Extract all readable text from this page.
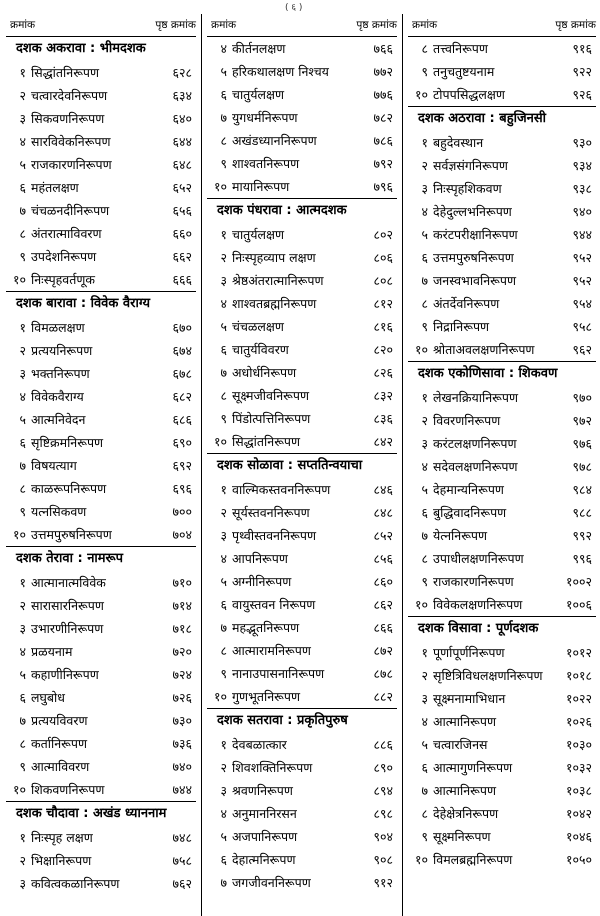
( ६ )
क्रमांक	पृष्ठ क्रमांक
दशक अकरावा : भीमदशक
१ सिद्धांतनिरूपण	६२८
२ चत्वारदेवनिरूपण	६३४
३ सिकवणनिरूपण	६४०
४ सारविवेकनिरूपण	६४४
५ राजकारणनिरूपण	६४८
६ महंतलक्षण	६५२
७ चंचळनदीनिरूपण	६५६
८ अंतरात्माविवरण	६६०
९ उपदेशनिरूपण	६६२
१० निःस्पृहवर्तणूक	६६६
दशक बारावा : विवेक वैराग्य
१ विमळलक्षण	६७०
२ प्रत्ययनिरूपण	६७४
३ भक्तनिरूपण	६७८
४ विवेकवैराग्य	६८२
५ आत्मनिवेदन	६८६
६ सृष्टिक्रमनिरूपण	६९०
७ विषयत्याग	६९२
८ काळरूपनिरूपण	६९६
९ यत्नसिकवण	७००
१० उत्तमपुरुषनिरूपण	७०४
दशक तेरावा : नामरूप
१ आत्मानात्मविवेक	७१०
२ सारासारनिरूपण	७१४
३ उभारणीनिरूपण	७१८
४ प्रळयनाम	७२०
५ कहाणीनिरूपण	७२४
६ लघुबोध	७२६
७ प्रत्ययविवरण	७३०
८ कर्तानिरूपण	७३६
९ आत्माविवरण	७४०
१० शिकवणनिरूपण	७४४
दशक चौदावा : अखंड ध्याननाम
१ निःस्पृह लक्षण	७४८
२ भिक्षानिरूपण	७५८
३ कवित्वकळानिरूपण	७६२
क्रमांक	पृष्ठ क्रमांक
४ कीर्तनलक्षण	७६६
५ हरिकथालक्षण निश्चय	७७२
६ चातुर्यलक्षण	७७६
७ युगधर्मनिरूपण	७८२
८ अखंडध्याननिरूपण	७८६
९ शाश्वतनिरूपण	७९२
१० मायानिरूपण	७९६
दशक पंधरावा : आत्मदशक
१ चातुर्यलक्षण	८०२
२ निःस्पृहव्याप लक्षण	८०६
३ श्रेष्ठअंतरात्मानिरूपण	८०८
४ शाश्वतब्रह्मनिरूपण	८१२
५ चंचळलक्षण	८१६
६ चातुर्यविवरण	८२०
७ अधोर्धनिरूपण	८२६
८ सूक्ष्मजीवनिरूपण	८३२
९ पिंडोत्पत्तिनिरूपण	८३६
१० सिद्धांतनिरूपण	८४२
दशक सोळावा : सप्ततिन्वयाचा
१ वाल्मिकस्तवननिरूपण	८४६
२ सूर्यस्तवननिरूपण	८४८
३ पृथ्वीस्तवननिरूपण	८५२
४ आपनिरूपण	८५६
५ अग्नीनिरूपण	८६०
६ वायुस्तवन निरूपण	८६२
७ महद्भूतनिरूपण	८६६
८ आत्मारामनिरूपण	८७२
९ नानाउपासनानिरूपण	८७८
१० गुणभूतनिरूपण	८८२
दशक सतरावा : प्रकृतिपुरुष
१ देवबळात्कार	८८६
२ शिवशक्तिनिरूपण	८९०
३ श्रवणनिरूपण	८९४
४ अनुमाननिरसन	८९८
५ अजपानिरूपण	९०४
६ देहात्मनिरूपण	९०८
७ जगजीवननिरूपण	९१२
क्रमांक	पृष्ठ क्रमांक
८ तत्त्वनिरूपण	९१६
९ तनुचतुष्टयनाम	९२२
१० टोपपसिद्धलक्षण	९२६
दशक अठरावा : बहुजिनसी
१ बहुदेवस्थान	९३०
२ सर्वज्ञसंगनिरूपण	९३४
३ निःस्पृहशिकवण	९३८
४ देहेदुल्लभनिरूपण	९४०
५ करंटपरीक्षानिरूपण	९४४
६ उत्तमपुरुषनिरूपण	९५२
७ जनस्वभावनिरूपण	९५२
८ अंतर्देवनिरूपण	९५४
९ निद्रानिरूपण	९५८
१० श्रोताअवलक्षणनिरूपण	९६२
दशक एकोणिसावा : शिकवण
१ लेखनक्रियानिरूपण	९७०
२ विवरणनिरूपण	९७२
३ करंटलक्षणनिरूपण	९७६
४ सदेवलक्षणनिरूपण	९७८
५ देहमान्यनिरूपण	९८४
६ बुद्धिवादनिरूपण	९८८
७ येत्ननिरूपण	९९२
८ उपाधीलक्षणनिरूपण	९९६
९ राजकारणनिरूपण	१००२
१० विवेकलक्षणनिरूपण	१००६
दशक विसावा : पूर्णदशक
१ पूर्णापूर्णनिरूपण	१०१२
२ सृष्टित्रिविधलक्षणनिरूपण	१०१८
३ सूक्ष्मनामाभिधान	१०२२
४ आत्मानिरूपण	१०२६
५ चत्वारजिनस	१०३०
६ आत्मागुणनिरूपण	१०३२
७ आत्मानिरूपण	१०३८
८ देहेक्षेत्रनिरूपण	१०४२
९ सूक्ष्मनिरूपण	१०४६
१० विमलब्रह्मनिरूपण	१०५०
